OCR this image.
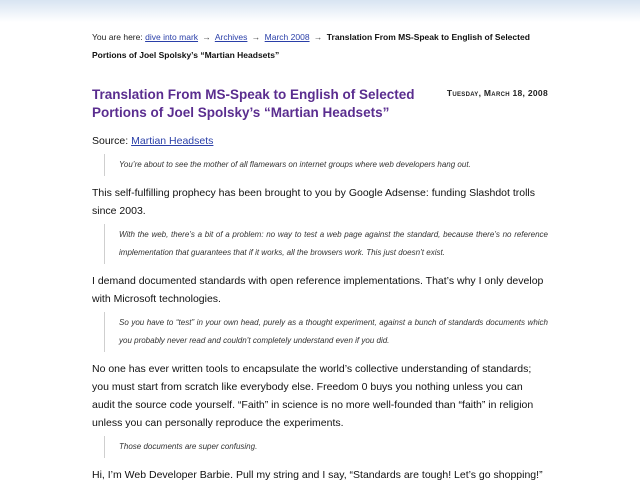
You are here: dive into mark → Archives → March 2008 → Translation From MS-Speak to English of Selected Portions of Joel Spolsky’s “Martian Headsets”
Translation From MS-Speak to English of Selected Portions of Joel Spolsky’s “Martian Headsets”
Tuesday, March 18, 2008

Source: Martian Headsets

You’re about to see the mother of all flamewars on internet groups where web developers hang out.

This self-fulfilling prophecy has been brought to you by Google Adsense: funding Slashdot trolls since 2003.

With the web, there’s a bit of a problem: no way to test a web page against the standard, because there’s no reference implementation that guarantees that if it works, all the browsers work. This just doesn’t exist.

I demand documented standards with open reference implementations. That’s why I only develop with Microsoft technologies.

So you have to “test” in your own head, purely as a thought experiment, against a bunch of standards documents which you probably never read and couldn’t completely understand even if you did.

No one has ever written tools to encapsulate the world’s collective understanding of standards; you must start from scratch like everybody else. Freedom 0 buys you nothing unless you can audit the source code yourself. “Faith” in science is no more well-founded than “faith” in religion unless you can personally reproduce the experiments.

Those documents are super confusing.

Hi, I’m Web Developer Barbie. Pull my string and I say, “Standards are tough! Let’s go shopping!”
